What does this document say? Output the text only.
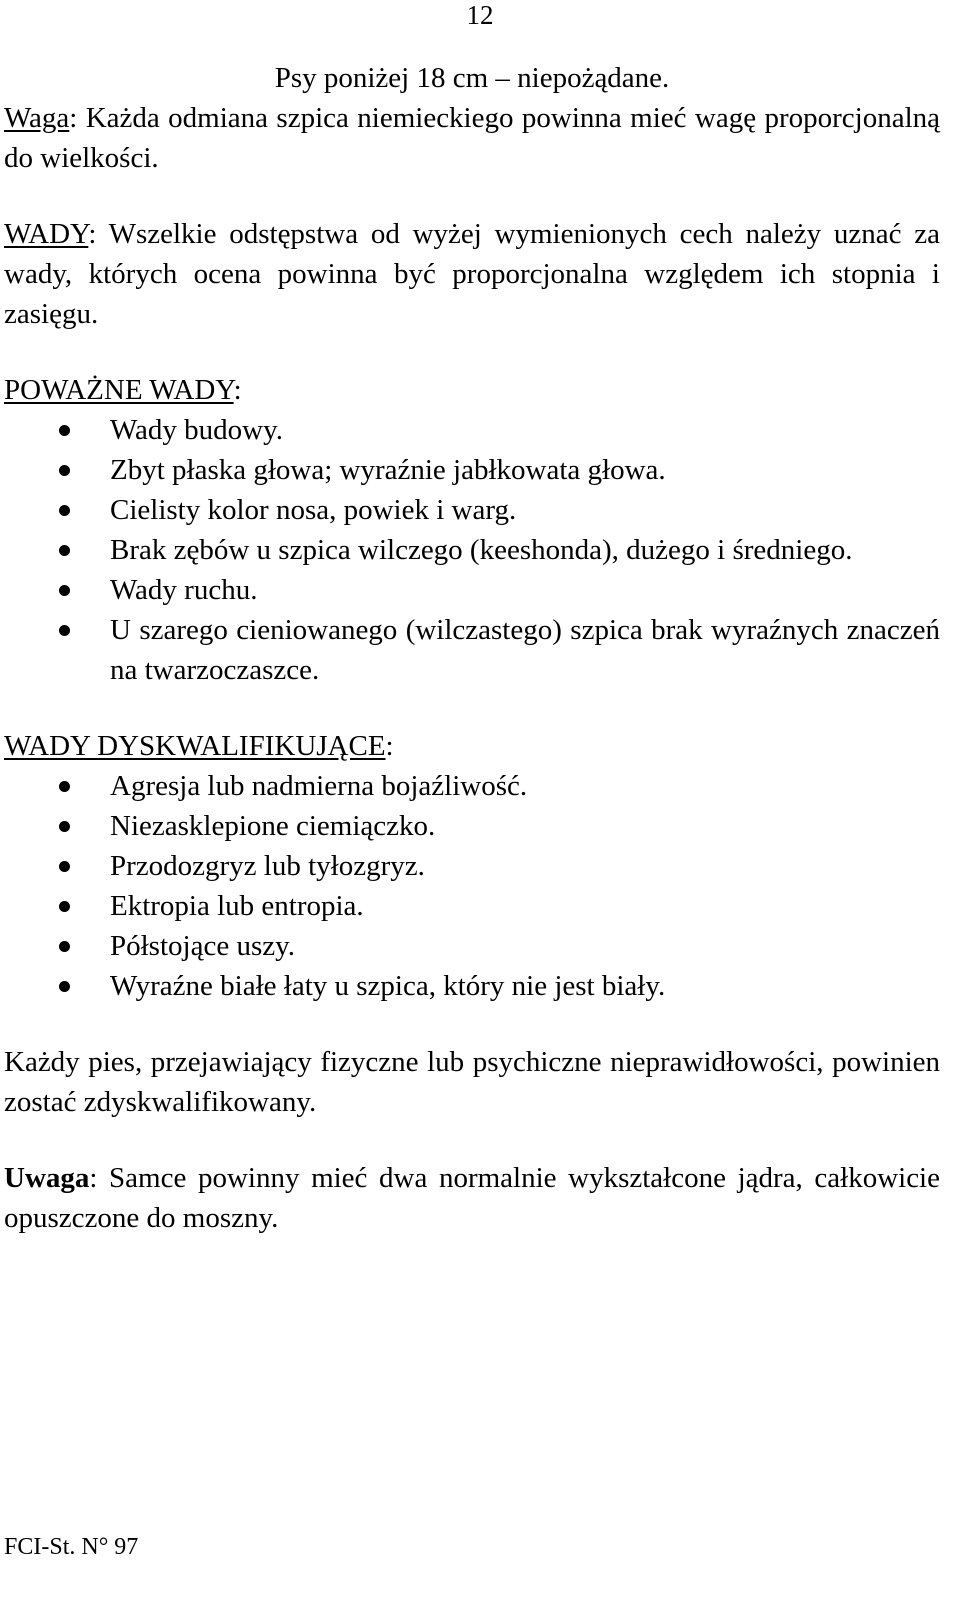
12

Psy poniżej 18 cm – niepożądane.

Waga: Każda odmiana szpica niemieckiego powinna mieć wagę proporcjonalną do wielkości.

WADY: Wszelkie odstępstwa od wyżej wymienionych cech należy uznać za wady, których ocena powinna być proporcjonalna względem ich stopnia i zasięgu.

POWAŻNE WADY:

Wady budowy.
Zbyt płaska głowa; wyraźnie jabłkowata głowa.
Cielisty kolor nosa, powiek i warg.
Brak zębów u szpica wilczego (keeshonda), dużego i średniego.
Wady ruchu.
U szarego cieniowanego (wilczastego) szpica brak wyraźnych znaczeń na twarzoczaszce.

WADY DYSKWALIFIKUJĄCE:

Agresja lub nadmierna bojaźliwość.
Niezasklepione ciemiączko.
Przodozgryz lub tyłozgryz.
Ektropia lub entropia.
Półstojące uszy.
Wyraźne białe łaty u szpica, który nie jest biały.

Każdy pies, przejawiający fizyczne lub psychiczne nieprawidłowości, powinien zostać zdyskwalifikowany.

Uwaga: Samce powinny mieć dwa normalnie wykształcone jądra, całkowicie opuszczone do moszny.

FCI-St. N° 97
